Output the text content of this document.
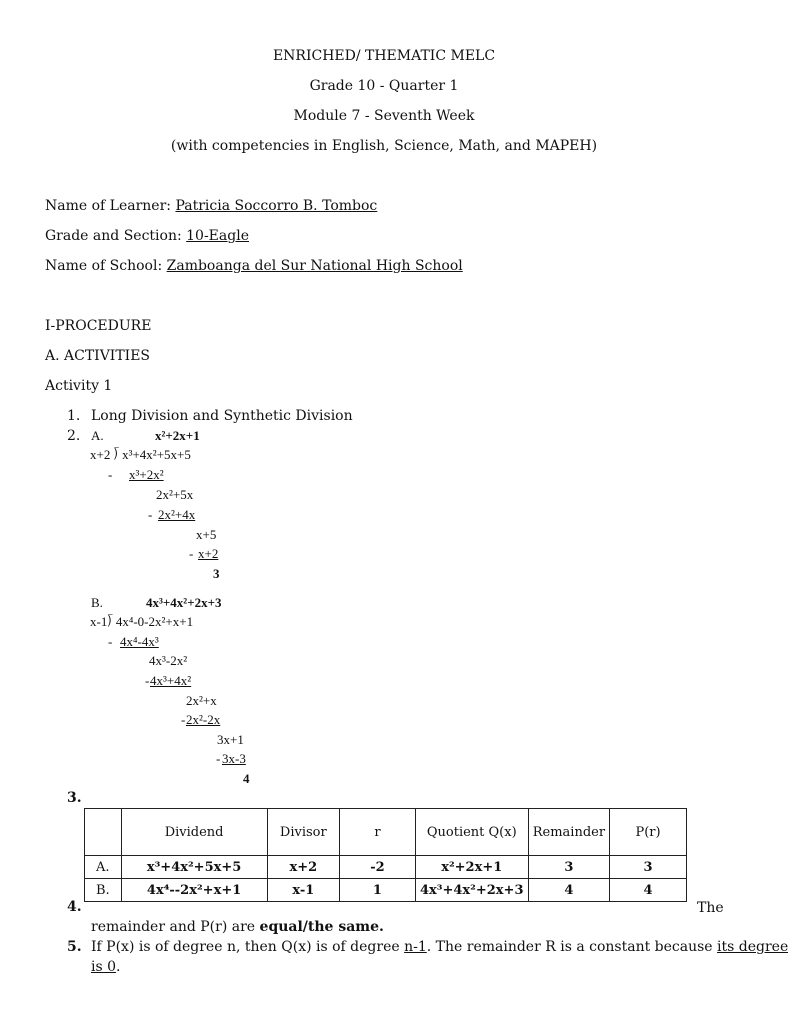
ENRICHED/ THEMATIC MELC
Grade 10 - Quarter 1
Module 7 - Seventh Week
(with competencies in English, Science, Math, and MAPEH)
Name of Learner: Patricia Soccorro B. Tomboc
Grade and Section: 10-Eagle
Name of School: Zamboanga del Sur National High School
I-PROCEDURE
A. ACTIVITIES
Activity 1
1. Long Division and Synthetic Division
2. A.	x²+2x+1
x+2 ⟌ x³+4x²+5x+5
- x³+2x²
2x²+5x
- 2x²+4x
x+5
- x+2
3
B.	4x³+4x²+2x+3
x-1⟌ 4x⁴-0-2x²+x+1
- 4x⁴-4x³
4x³-2x²
- 4x³+4x²
2x²+x
- 2x²-2x
3x+1
- 3x-3
4
3.
	Dividend	Divisor	r	Quotient Q(x)	Remainder	P(r)
A.	x³+4x²+5x+5	x+2	-2	x²+2x+1	3	3
B.	4x⁴--2x²+x+1	x-1	1	4x³+4x²+2x+3	4	4
4.	The
remainder and P(r) are equal/the same.
5. If P(x) is of degree n, then Q(x) is of degree n-1. The remainder R is a constant because its degree
is 0.
